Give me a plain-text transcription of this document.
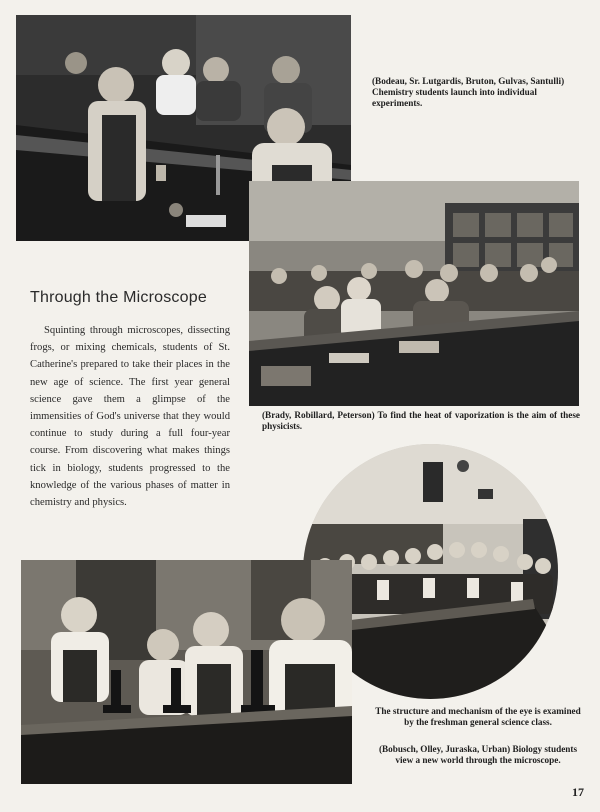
(Bodeau, Sr. Lutgardis, Bruton, Gulvas, Santulli) Chemistry students launch into individual experiments.
(Brady, Robillard, Peterson) To find the heat of vaporization is the aim of these physicists.
Through the Microscope
Squinting through microscopes, dissecting frogs, or mixing chemicals, students of St. Catherine's prepared to take their places in the new age of science. The first year general science gave them a glimpse of the immensities of God's universe that they would continue to study during a full four-year course. From discovering what makes things tick in biology, students progressed to the knowledge of the various phases of matter in chemistry and physics.
The structure and mechanism of the eye is examined by the freshman general science class.
(Bobusch, Olley, Juraska, Urban) Biology students view a new world through the microscope.
17
